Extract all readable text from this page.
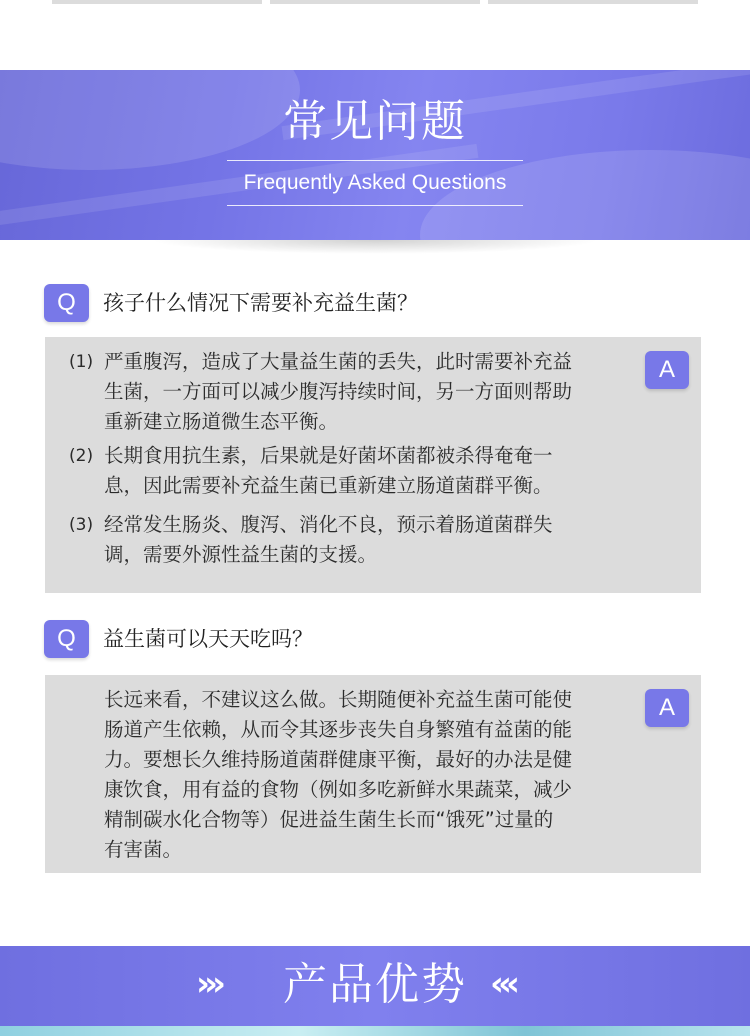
常见问题
Frequently Asked Questions
Q	孩子什么情况下需要补充益生菌？
A
(1) 严重腹泻，造成了大量益生菌的丢失，此时需要补充益
生菌，一方面可以减少腹泻持续时间，另一方面则帮助
重新建立肠道微生态平衡。
(2) 长期食用抗生素，后果就是好菌坏菌都被杀得奄奄一
息，因此需要补充益生菌已重新建立肠道菌群平衡。
(3) 经常发生肠炎、腹泻、消化不良，预示着肠道菌群失
调，需要外源性益生菌的支援。
Q	益生菌可以天天吃吗？
A
长远来看，不建议这么做。长期随便补充益生菌可能使
肠道产生依赖，从而令其逐步丧失自身繁殖有益菌的能
力。要想长久维持肠道菌群健康平衡，最好的办法是健
康饮食，用有益的食物（例如多吃新鲜水果蔬菜，减少
精制碳水化合物等）促进益生菌生长而“饿死”过量的
有害菌。
›››	产品优势 ‹‹‹
